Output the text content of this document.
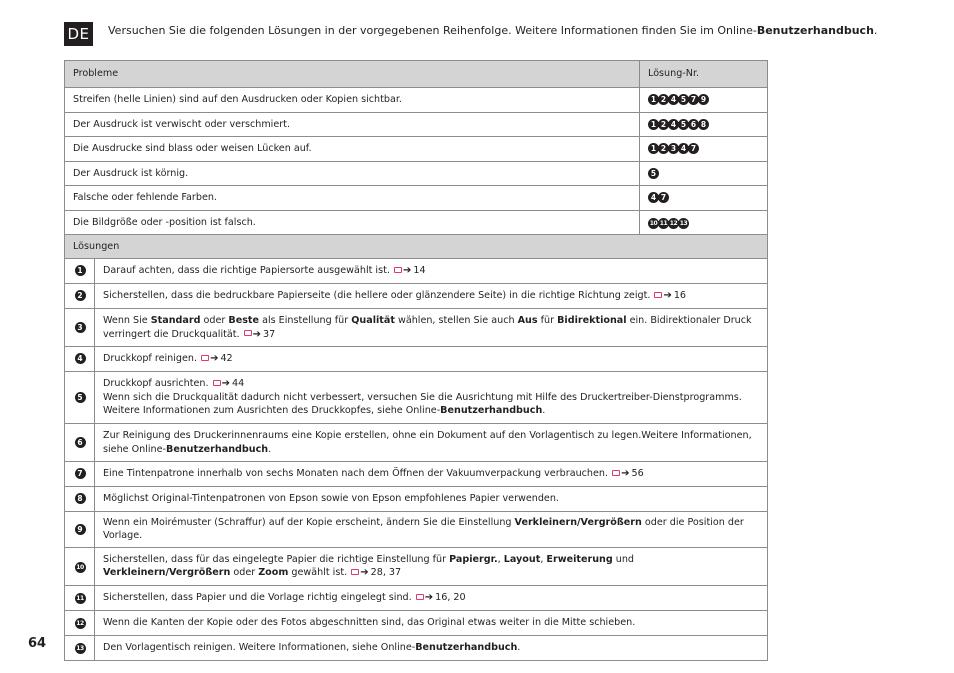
DE	Versuchen Sie die folgenden Lösungen in der vorgegebenen Reihenfolge. Weitere Informationen finden Sie im Online-Benutzerhandbuch.
Probleme		Lösung-Nr.
Streifen (helle Linien) sind auf den Ausdrucken oder Kopien sichtbar.		1 2 4 5 7 9
Der Ausdruck ist verwischt oder verschmiert.		1 2 4 5 6 8
Die Ausdrucke sind blass oder weisen Lücken auf.		1 2 3 4 7
Der Ausdruck ist körnig.		5
Falsche oder fehlende Farben.		4 7
Die Bildgröße oder -position ist falsch.		10 11 12 13
Lösungen		
1	Darauf achten, dass die richtige Papiersorte ausgewählt ist. ➔ 14	
2	Sicherstellen, dass die bedruckbare Papierseite (die hellere oder glänzendere Seite) in die richtige Richtung zeigt. ➔ 16	
3	Wenn Sie Standard oder Beste als Einstellung für Qualität wählen, stellen Sie auch Aus für Bidirektional ein. Bidirektionaler Druck verringert die Druckqualität. ➔ 37	
4	Druckkopf reinigen. ➔ 42	
5	Druckkopf ausrichten. ➔ 44
Wenn sich die Druckqualität dadurch nicht verbessert, versuchen Sie die Ausrichtung mit Hilfe des Druckertreiber-Dienstprogramms.
Weitere Informationen zum Ausrichten des Druckkopfes, siehe Online-Benutzerhandbuch.	
6	Zur Reinigung des Druckerinnenraums eine Kopie erstellen, ohne ein Dokument auf den Vorlagentisch zu legen.Weitere Informationen, siehe Online-Benutzerhandbuch.	
7	Eine Tintenpatrone innerhalb von sechs Monaten nach dem Öffnen der Vakuumverpackung verbrauchen. ➔ 56	
8	Möglichst Original-Tintenpatronen von Epson sowie von Epson empfohlenes Papier verwenden.	
9	Wenn ein Moirémuster (Schraffur) auf der Kopie erscheint, ändern Sie die Einstellung Verkleinern/Vergrößern oder die Position der Vorlage.	
10	Sicherstellen, dass für das eingelegte Papier die richtige Einstellung für Papiergr., Layout, Erweiterung und Verkleinern/Vergrößern oder Zoom gewählt ist. ➔ 28, 37	
11	Sicherstellen, dass Papier und die Vorlage richtig eingelegt sind. ➔ 16, 20	
12	Wenn die Kanten der Kopie oder des Fotos abgeschnitten sind, das Original etwas weiter in die Mitte schieben.	
13	Den Vorlagentisch reinigen. Weitere Informationen, siehe Online-Benutzerhandbuch.	
64
